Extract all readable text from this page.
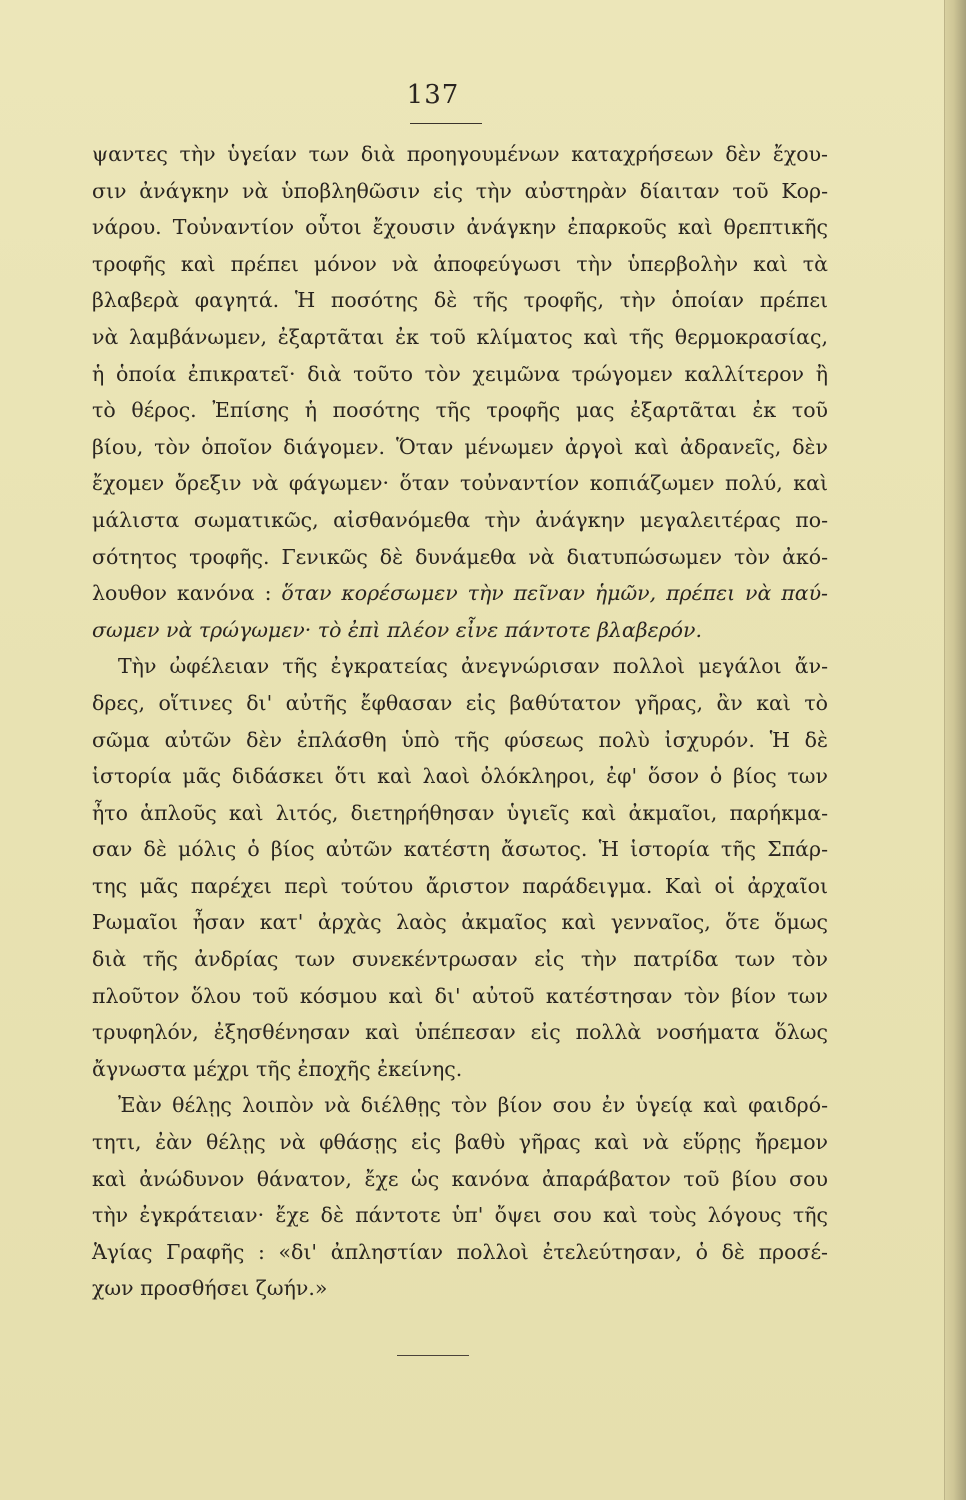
137
ψαντες τὴν ὑγείαν των διὰ προηγουμένων καταχρήσεων δὲν ἔχου-
σιν ἀνάγκην νὰ ὑποβληθῶσιν εἰς τὴν αὐστηρὰν δίαιταν τοῦ Κορ-
νάρου. Τοὐναντίον οὗτοι ἔχουσιν ἀνάγκην ἐπαρκοῦς καὶ θρεπτικῆς
τροφῆς καὶ πρέπει μόνον νὰ ἀποφεύγωσι τὴν ὑπερβολὴν καὶ τὰ
βλαβερὰ φαγητά. Ἡ ποσότης δὲ τῆς τροφῆς, τὴν ὁποίαν πρέπει
νὰ λαμβάνωμεν, ἐξαρτᾶται ἐκ τοῦ κλίματος καὶ τῆς θερμοκρασίας,
ἡ ὁποία ἐπικρατεῖ· διὰ τοῦτο τὸν χειμῶνα τρώγομεν καλλίτερον ἢ
τὸ θέρος. Ἐπίσης ἡ ποσότης τῆς τροφῆς μας ἐξαρτᾶται ἐκ τοῦ
βίου, τὸν ὁποῖον διάγομεν. Ὅταν μένωμεν ἀργοὶ καὶ ἀδρανεῖς, δὲν
ἔχομεν ὄρεξιν νὰ φάγωμεν· ὅταν τοὐναντίον κοπιάζωμεν πολύ, καὶ
μάλιστα σωματικῶς, αἰσθανόμεθα τὴν ἀνάγκην μεγαλειτέρας πο-
σότητος τροφῆς. Γενικῶς δὲ δυνάμεθα νὰ διατυπώσωμεν τὸν ἀκό-
λουθον κανόνα : ὅταν κορέσωμεν τὴν πεῖναν ἡμῶν, πρέπει νὰ παύ-
σωμεν νὰ τρώγωμεν· τὸ ἐπὶ πλέον εἶνε πάντοτε βλαβερόν.
Τὴν ὠφέλειαν τῆς ἐγκρατείας ἀνεγνώρισαν πολλοὶ μεγάλοι ἄν-
δρες, οἵτινες δι' αὐτῆς ἔφθασαν εἰς βαθύτατον γῆρας, ἂν καὶ τὸ
σῶμα αὐτῶν δὲν ἐπλάσθη ὑπὸ τῆς φύσεως πολὺ ἰσχυρόν. Ἡ δὲ
ἱστορία μᾶς διδάσκει ὅτι καὶ λαοὶ ὁλόκληροι, ἐφ' ὅσον ὁ βίος των
ἦτο ἁπλοῦς καὶ λιτός, διετηρήθησαν ὑγιεῖς καὶ ἀκμαῖοι, παρήκμα-
σαν δὲ μόλις ὁ βίος αὐτῶν κατέστη ἄσωτος. Ἡ ἱστορία τῆς Σπάρ-
της μᾶς παρέχει περὶ τούτου ἄριστον παράδειγμα. Καὶ οἱ ἀρχαῖοι
Ρωμαῖοι ἦσαν κατ' ἀρχὰς λαὸς ἀκμαῖος καὶ γενναῖος, ὅτε ὅμως
διὰ τῆς ἀνδρίας των συνεκέντρωσαν εἰς τὴν πατρίδα των τὸν
πλοῦτον ὅλου τοῦ κόσμου καὶ δι' αὐτοῦ κατέστησαν τὸν βίον των
τρυφηλόν, ἐξησθένησαν καὶ ὑπέπεσαν εἰς πολλὰ νοσήματα ὅλως
ἄγνωστα μέχρι τῆς ἐποχῆς ἐκείνης.
Ἐὰν θέλῃς λοιπὸν νὰ διέλθῃς τὸν βίον σου ἐν ὑγείᾳ καὶ φαιδρό-
τητι, ἐὰν θέλῃς νὰ φθάσῃς εἰς βαθὺ γῆρας καὶ νὰ εὕρῃς ἤρεμον
καὶ ἀνώδυνον θάνατον, ἔχε ὡς κανόνα ἀπαράβατον τοῦ βίου σου
τὴν ἐγκράτειαν· ἔχε δὲ πάντοτε ὑπ' ὄψει σου καὶ τοὺς λόγους τῆς
Ἁγίας Γραφῆς : «δι' ἀπληστίαν πολλοὶ ἐτελεύτησαν, ὁ δὲ προσέ-
χων προσθήσει ζωήν.»
